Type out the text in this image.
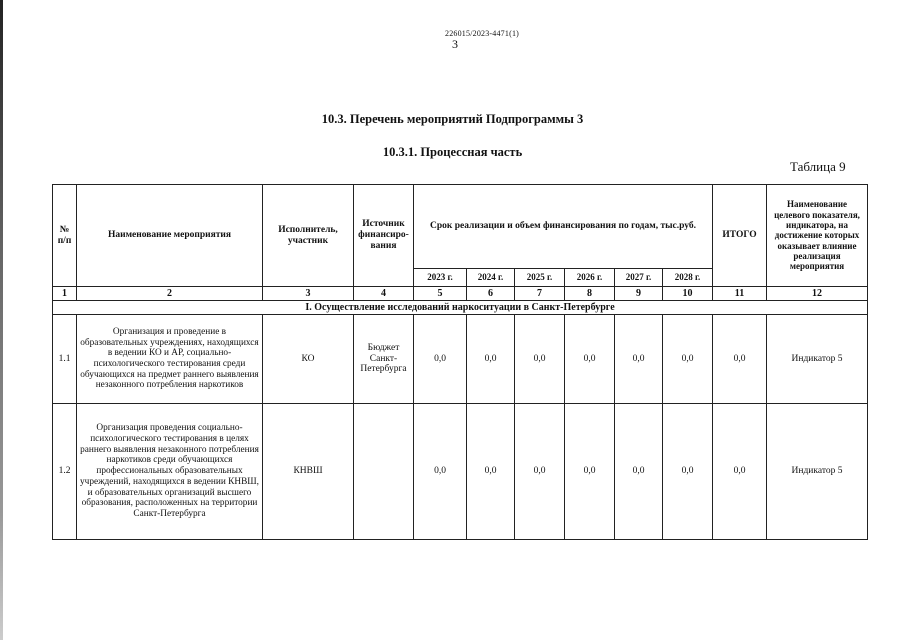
226015/2023-4471(1)
3
10.3. Перечень мероприятий Подпрограммы 3
10.3.1. Процессная часть
Таблица 9
№ п/п	Наименование мероприятия	Исполнитель, участник	Источник финансиро-вания	Срок реализации и объем финансирования по годам, тыс.руб.						ИТОГО	Наименование целевого показателя, индикатора, на достижение которых оказывает влияние реализация мероприятия
				2023 г.	2024 г.	2025 г.	2026 г.	2027 г.	2028 г.		
1	2	3	4	5	6	7	8	9	10	11	12
I. Осуществление исследований наркоситуации в Санкт-Петербурге											
1.1	Организация и проведение в образовательных учреждениях, находящихся в ведении КО и АР, социально-психологического тестирования среди обучающихся на предмет раннего выявления незаконного потребления наркотиков	КО	Бюджет Санкт-Петербурга	0,0	0,0	0,0	0,0	0,0	0,0	0,0	Индикатор 5
1.2	Организация проведения социально-психологического тестирования в целях раннего выявления незаконного потребления наркотиков среди обучающихся профессиональных образовательных учреждений, находящихся в ведении КНВШ, и образовательных организаций высшего образования, расположенных на территории Санкт-Петербурга	КНВШ		0,0	0,0	0,0	0,0	0,0	0,0	0,0	Индикатор 5
